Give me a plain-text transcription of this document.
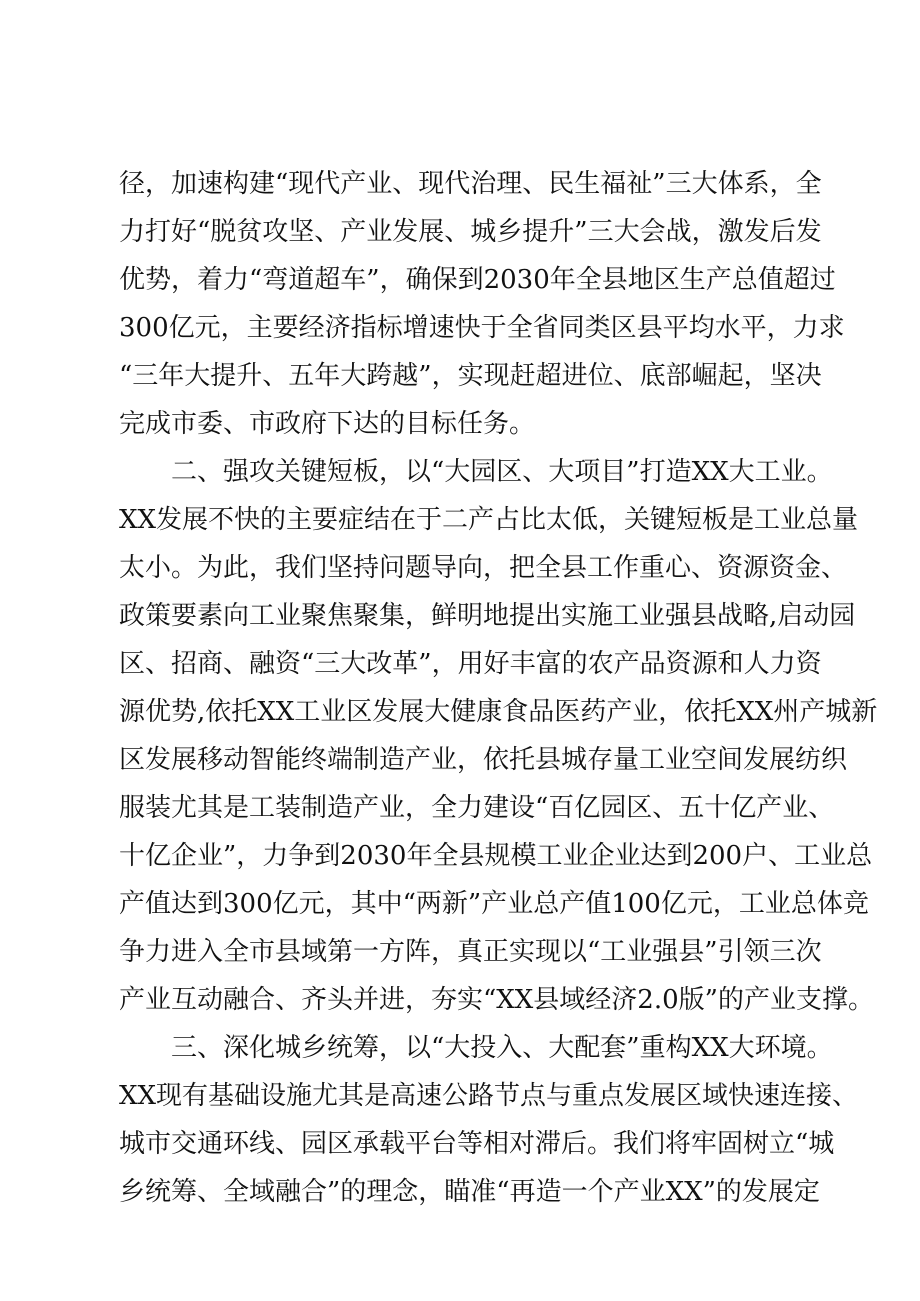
径，加速构建“现代产业、现代治理、民生福祉”三大体系，全
力打好“脱贫攻坚、产业发展、城乡提升”三大会战，激发后发
优势，着力“弯道超车”，确保到2030年全县地区生产总值超过
300亿元，主要经济指标增速快于全省同类区县平均水平，力求
“三年大提升、五年大跨越”，实现赶超进位、底部崛起，坚决
完成市委、市政府下达的目标任务。
　　二、强攻关键短板，以“大园区、大项目”打造XX大工业。
XX发展不快的主要症结在于二产占比太低，关键短板是工业总量
太小。为此，我们坚持问题导向，把全县工作重心、资源资金、
政策要素向工业聚焦聚集，鲜明地提出实施工业强县战略,启动园
区、招商、融资“三大改革”，用好丰富的农产品资源和人力资
源优势,依托XX工业区发展大健康食品医药产业，依托XX州产城新
区发展移动智能终端制造产业，依托县城存量工业空间发展纺织
服装尤其是工装制造产业，全力建设“百亿园区、五十亿产业、
十亿企业”，力争到2030年全县规模工业企业达到200户、工业总
产值达到300亿元，其中“两新”产业总产值100亿元，工业总体竞
争力进入全市县域第一方阵，真正实现以“工业强县”引领三次
产业互动融合、齐头并进，夯实“XX县域经济2.0版”的产业支撑。
　　三、深化城乡统筹，以“大投入、大配套”重构XX大环境。
XX现有基础设施尤其是高速公路节点与重点发展区域快速连接、
城市交通环线、园区承载平台等相对滞后。我们将牢固树立“城
乡统筹、全域融合”的理念，瞄准“再造一个产业XX”的发展定
